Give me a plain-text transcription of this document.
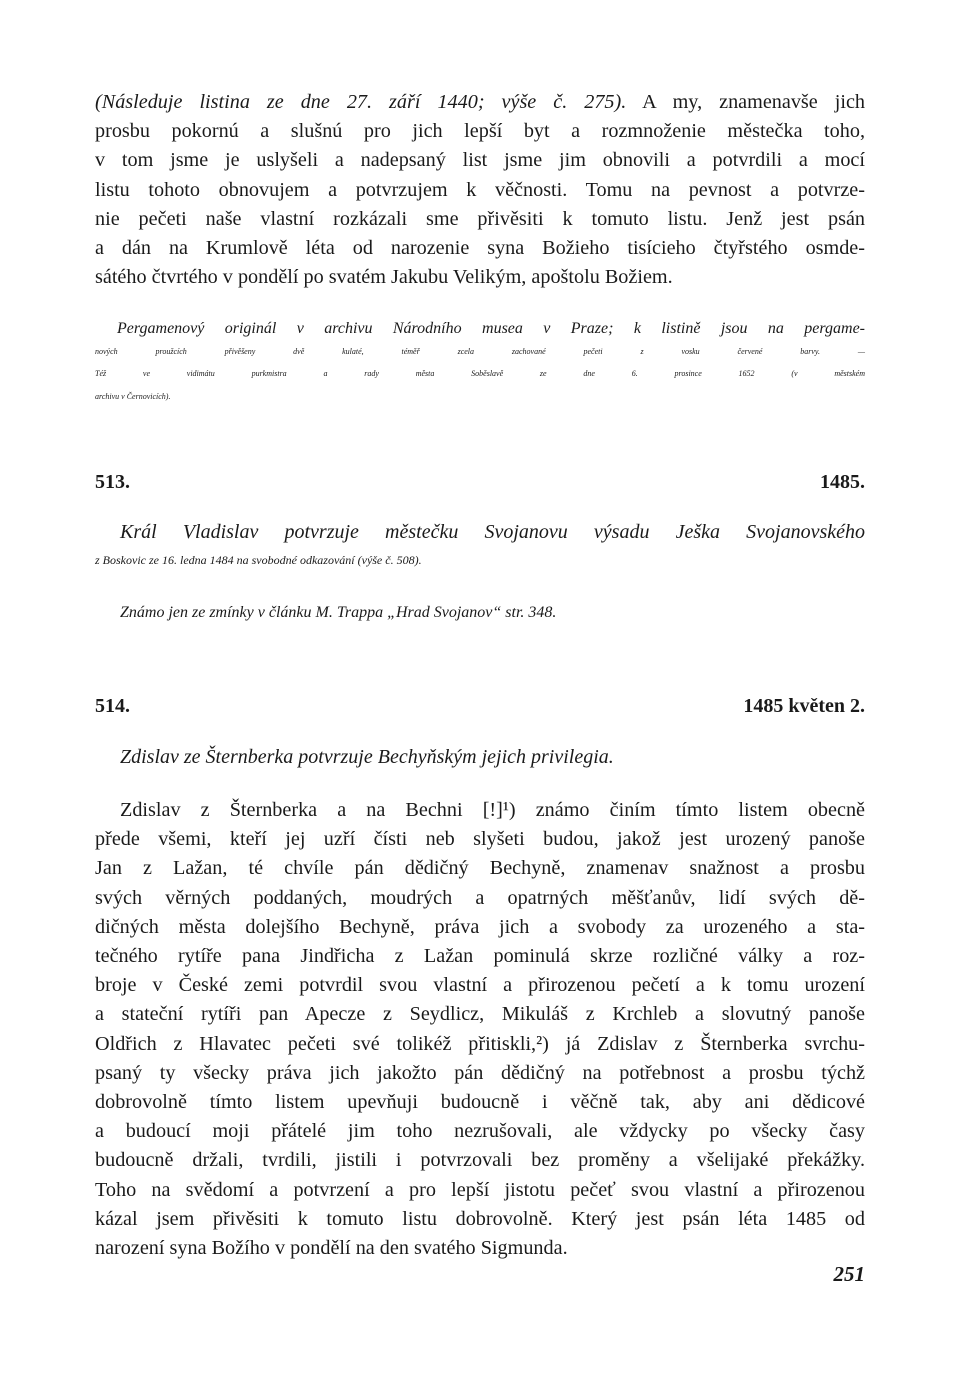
(Následuje listina ze dne 27. září 1440; výše č. 275). A my, znamenavše jich
prosbu pokornú a slušnú pro jich lepší byt a rozmnoženie městečka toho,
v tom jsme je uslyšeli a nadepsaný list jsme jim obnovili a potvrdili a mocí
listu tohoto obnovujem a potvrzujem k věčnosti. Tomu na pevnost a potvrze-
nie pečeti naše vlastní rozkázali sme přivěsiti k tomuto listu. Jenž jest psán
a dán na Krumlově léta od narozenie syna Božieho tisícieho čtyřstého osmde-
sátého čtvrtého v pondělí po svatém Jakubu Velikým, apoštolu Božiem.
Pergamenový originál v archivu Národního musea v Praze; k listině jsou na pergame-
nových proužcích přivěšeny dvě kulaté, téměř zcela zachované pečeti z vosku červené barvy. —
Též ve vidimátu purkmistra a rady města Soběslavě ze dne 6. prosince 1652 (v městském
archivu v Černovicích).
513.	1485.
Král Vladislav potvrzuje městečku Svojanovu výsadu Ješka Svojanovského
z Boskovic ze 16. ledna 1484 na svobodné odkazování (výše č. 508).
Známo jen ze zmínky v článku M. Trappa „Hrad Svojanov“ str. 348.
514.	1485 květen 2.
Zdislav ze Šternberka potvrzuje Bechyňským jejich privilegia.
Zdislav z Šternberka a na Bechni [!]¹) známo činím tímto listem obecně
přede všemi, kteří jej uzří čísti neb slyšeti budou, jakož jest urozený panoše
Jan z Lažan, té chvíle pán dědičný Bechyně, znamenav snažnost a prosbu
svých věrných poddaných, moudrých a opatrných měšťanův, lidí svých dě-
dičných města dolejšího Bechyně, práva jich a svobody za urozeného a sta-
tečného rytíře pana Jindřicha z Lažan pominulá skrze rozličné války a roz-
broje v České zemi potvrdil svou vlastní a přirozenou pečetí a k tomu urození
a stateční rytíři pan Apecze z Seydlicz, Mikuláš z Krchleb a slovutný panoše
Oldřich z Hlavatec pečeti své tolikéž přitiskli,²) já Zdislav z Šternberka svrchu-
psaný ty všecky práva jich jakožto pán dědičný na potřebnost a prosbu týchž
dobrovolně tímto listem upevňuji budoucně i věčně tak, aby ani dědicové
a budoucí moji přátelé jim toho nezrušovali, ale vždycky po všecky časy
budoucně držali, tvrdili, jistili i potvrzovali bez proměny a všelijaké překážky.
Toho na svědomí a potvrzení a pro lepší jistotu pečeť svou vlastní a přirozenou
kázal jsem přivěsiti k tomuto listu dobrovolně. Který jest psán léta 1485 od
narození syna Božího v pondělí na den svatého Sigmunda.
251
